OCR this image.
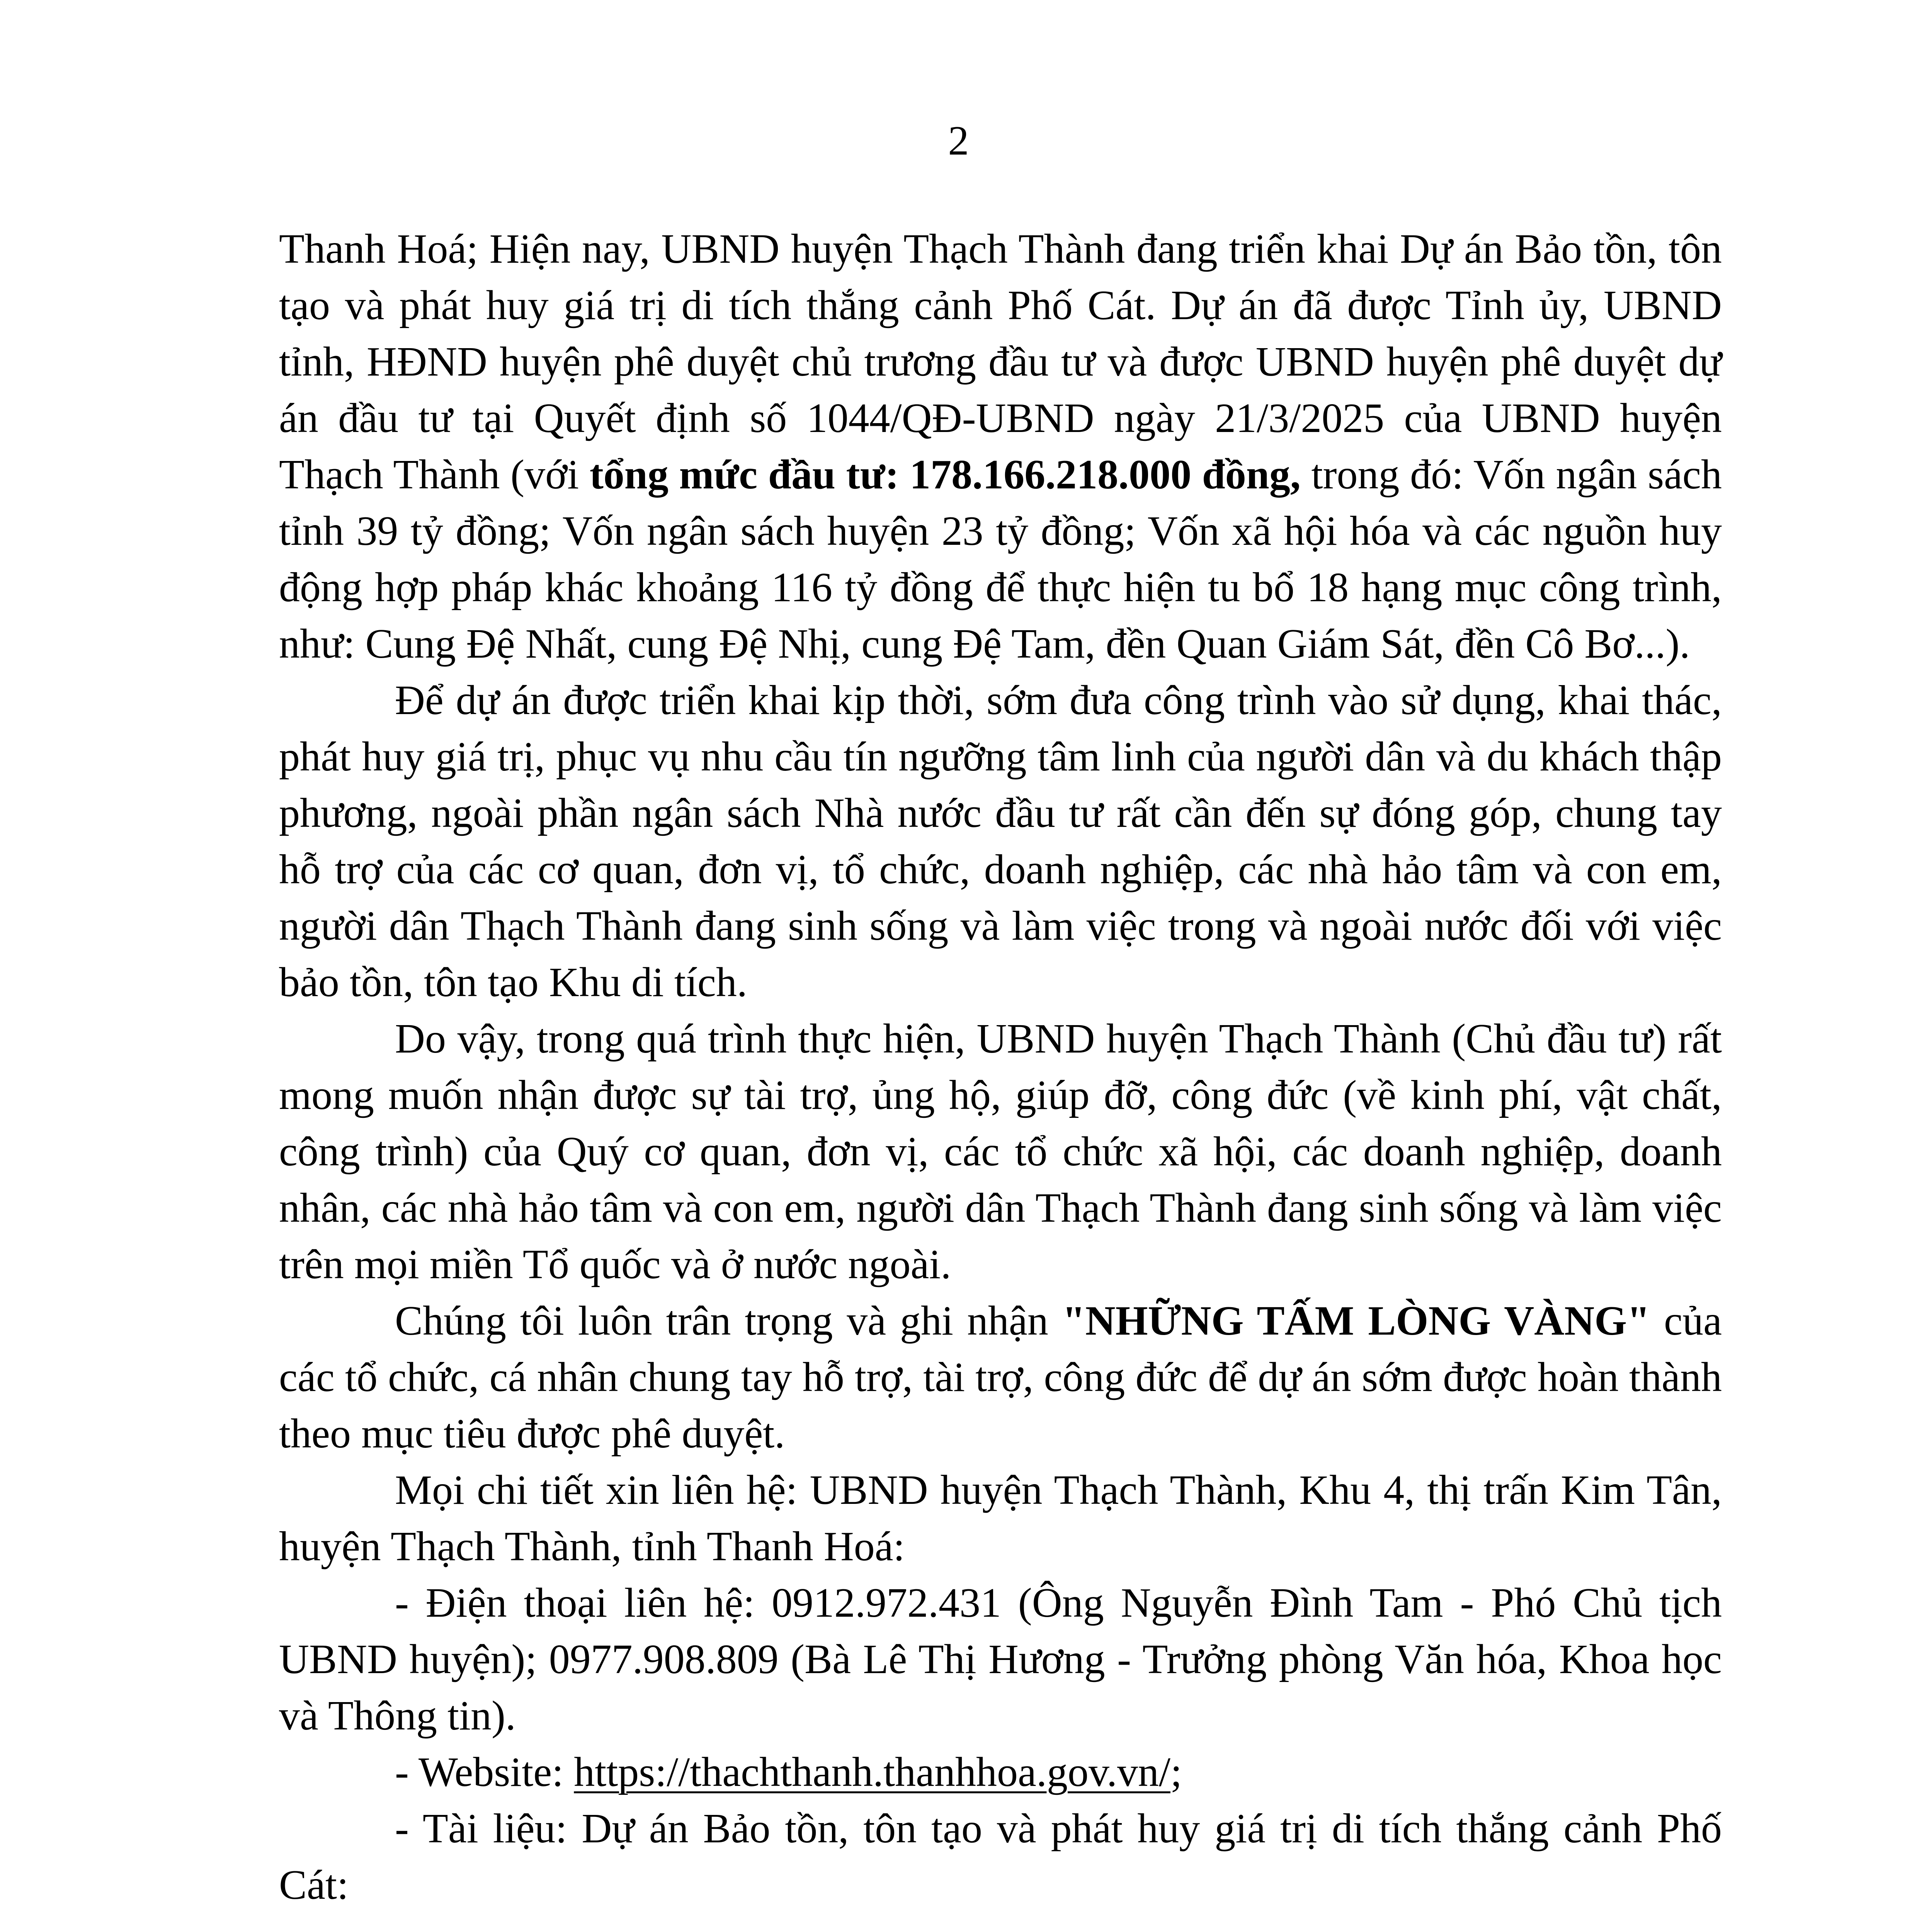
2

Thanh Hoá; Hiện nay, UBND huyện Thạch Thành đang triển khai Dự án Bảo tồn, tôn tạo và phát huy giá trị di tích thắng cảnh Phố Cát. Dự án đã được Tỉnh ủy, UBND tỉnh, HĐND huyện phê duyệt chủ trương đầu tư và được UBND huyện phê duyệt dự án đầu tư tại Quyết định số 1044/QĐ-UBND ngày 21/3/2025 của UBND huyện Thạch Thành (với tổng mức đầu tư: 178.166.218.000 đồng, trong đó: Vốn ngân sách tỉnh 39 tỷ đồng; Vốn ngân sách huyện 23 tỷ đồng; Vốn xã hội hóa và các nguồn huy động hợp pháp khác khoảng 116 tỷ đồng để thực hiện tu bổ 18 hạng mục công trình, như: Cung Đệ Nhất, cung Đệ Nhị, cung Đệ Tam, đền Quan Giám Sát, đền Cô Bơ...).

Để dự án được triển khai kịp thời, sớm đưa công trình vào sử dụng, khai thác, phát huy giá trị, phục vụ nhu cầu tín ngưỡng tâm linh của người dân và du khách thập phương, ngoài phần ngân sách Nhà nước đầu tư rất cần đến sự đóng góp, chung tay hỗ trợ của các cơ quan, đơn vị, tổ chức, doanh nghiệp, các nhà hảo tâm và con em, người dân Thạch Thành đang sinh sống và làm việc trong và ngoài nước đối với việc bảo tồn, tôn tạo Khu di tích.

Do vậy, trong quá trình thực hiện, UBND huyện Thạch Thành (Chủ đầu tư) rất mong muốn nhận được sự tài trợ, ủng hộ, giúp đỡ, công đức (về kinh phí, vật chất, công trình) của Quý cơ quan, đơn vị, các tổ chức xã hội, các doanh nghiệp, doanh nhân, các nhà hảo tâm và con em, người dân Thạch Thành đang sinh sống và làm việc trên mọi miền Tổ quốc và ở nước ngoài.

Chúng tôi luôn trân trọng và ghi nhận "NHỮNG TẤM LÒNG VÀNG" của các tổ chức, cá nhân chung tay hỗ trợ, tài trợ, công đức để dự án sớm được hoàn thành theo mục tiêu được phê duyệt.

Mọi chi tiết xin liên hệ: UBND huyện Thạch Thành, Khu 4, thị trấn Kim Tân, huyện Thạch Thành, tỉnh Thanh Hoá:

- Điện thoại liên hệ: 0912.972.431 (Ông Nguyễn Đình Tam - Phó Chủ tịch UBND huyện); 0977.908.809 (Bà Lê Thị Hương - Trưởng phòng Văn hóa, Khoa học và Thông tin).

- Website: https://thachthanh.thanhhoa.gov.vn/;

- Tài liệu: Dự án Bảo tồn, tôn tạo và phát huy giá trị di tích thắng cảnh Phố Cát:
